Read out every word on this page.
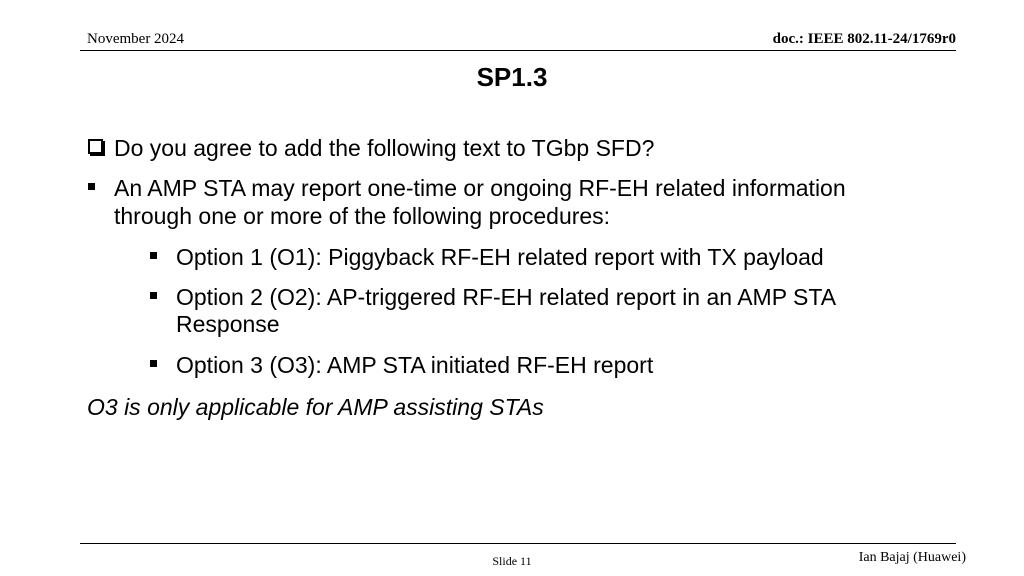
November 2024	doc.: IEEE 802.11-24/1769r0
SP1.3
Do you agree to add the following text to TGbp SFD?
An AMP STA may report one-time or ongoing RF-EH related information
through one or more of the following procedures:
Option 1 (O1): Piggyback RF-EH related report with TX payload
Option 2 (O2): AP-triggered RF-EH related report in an AMP STA
Response
Option 3 (O3): AMP STA initiated RF-EH report
O3 is only applicable for AMP assisting STAs
Slide 11	Ian Bajaj (Huawei)
